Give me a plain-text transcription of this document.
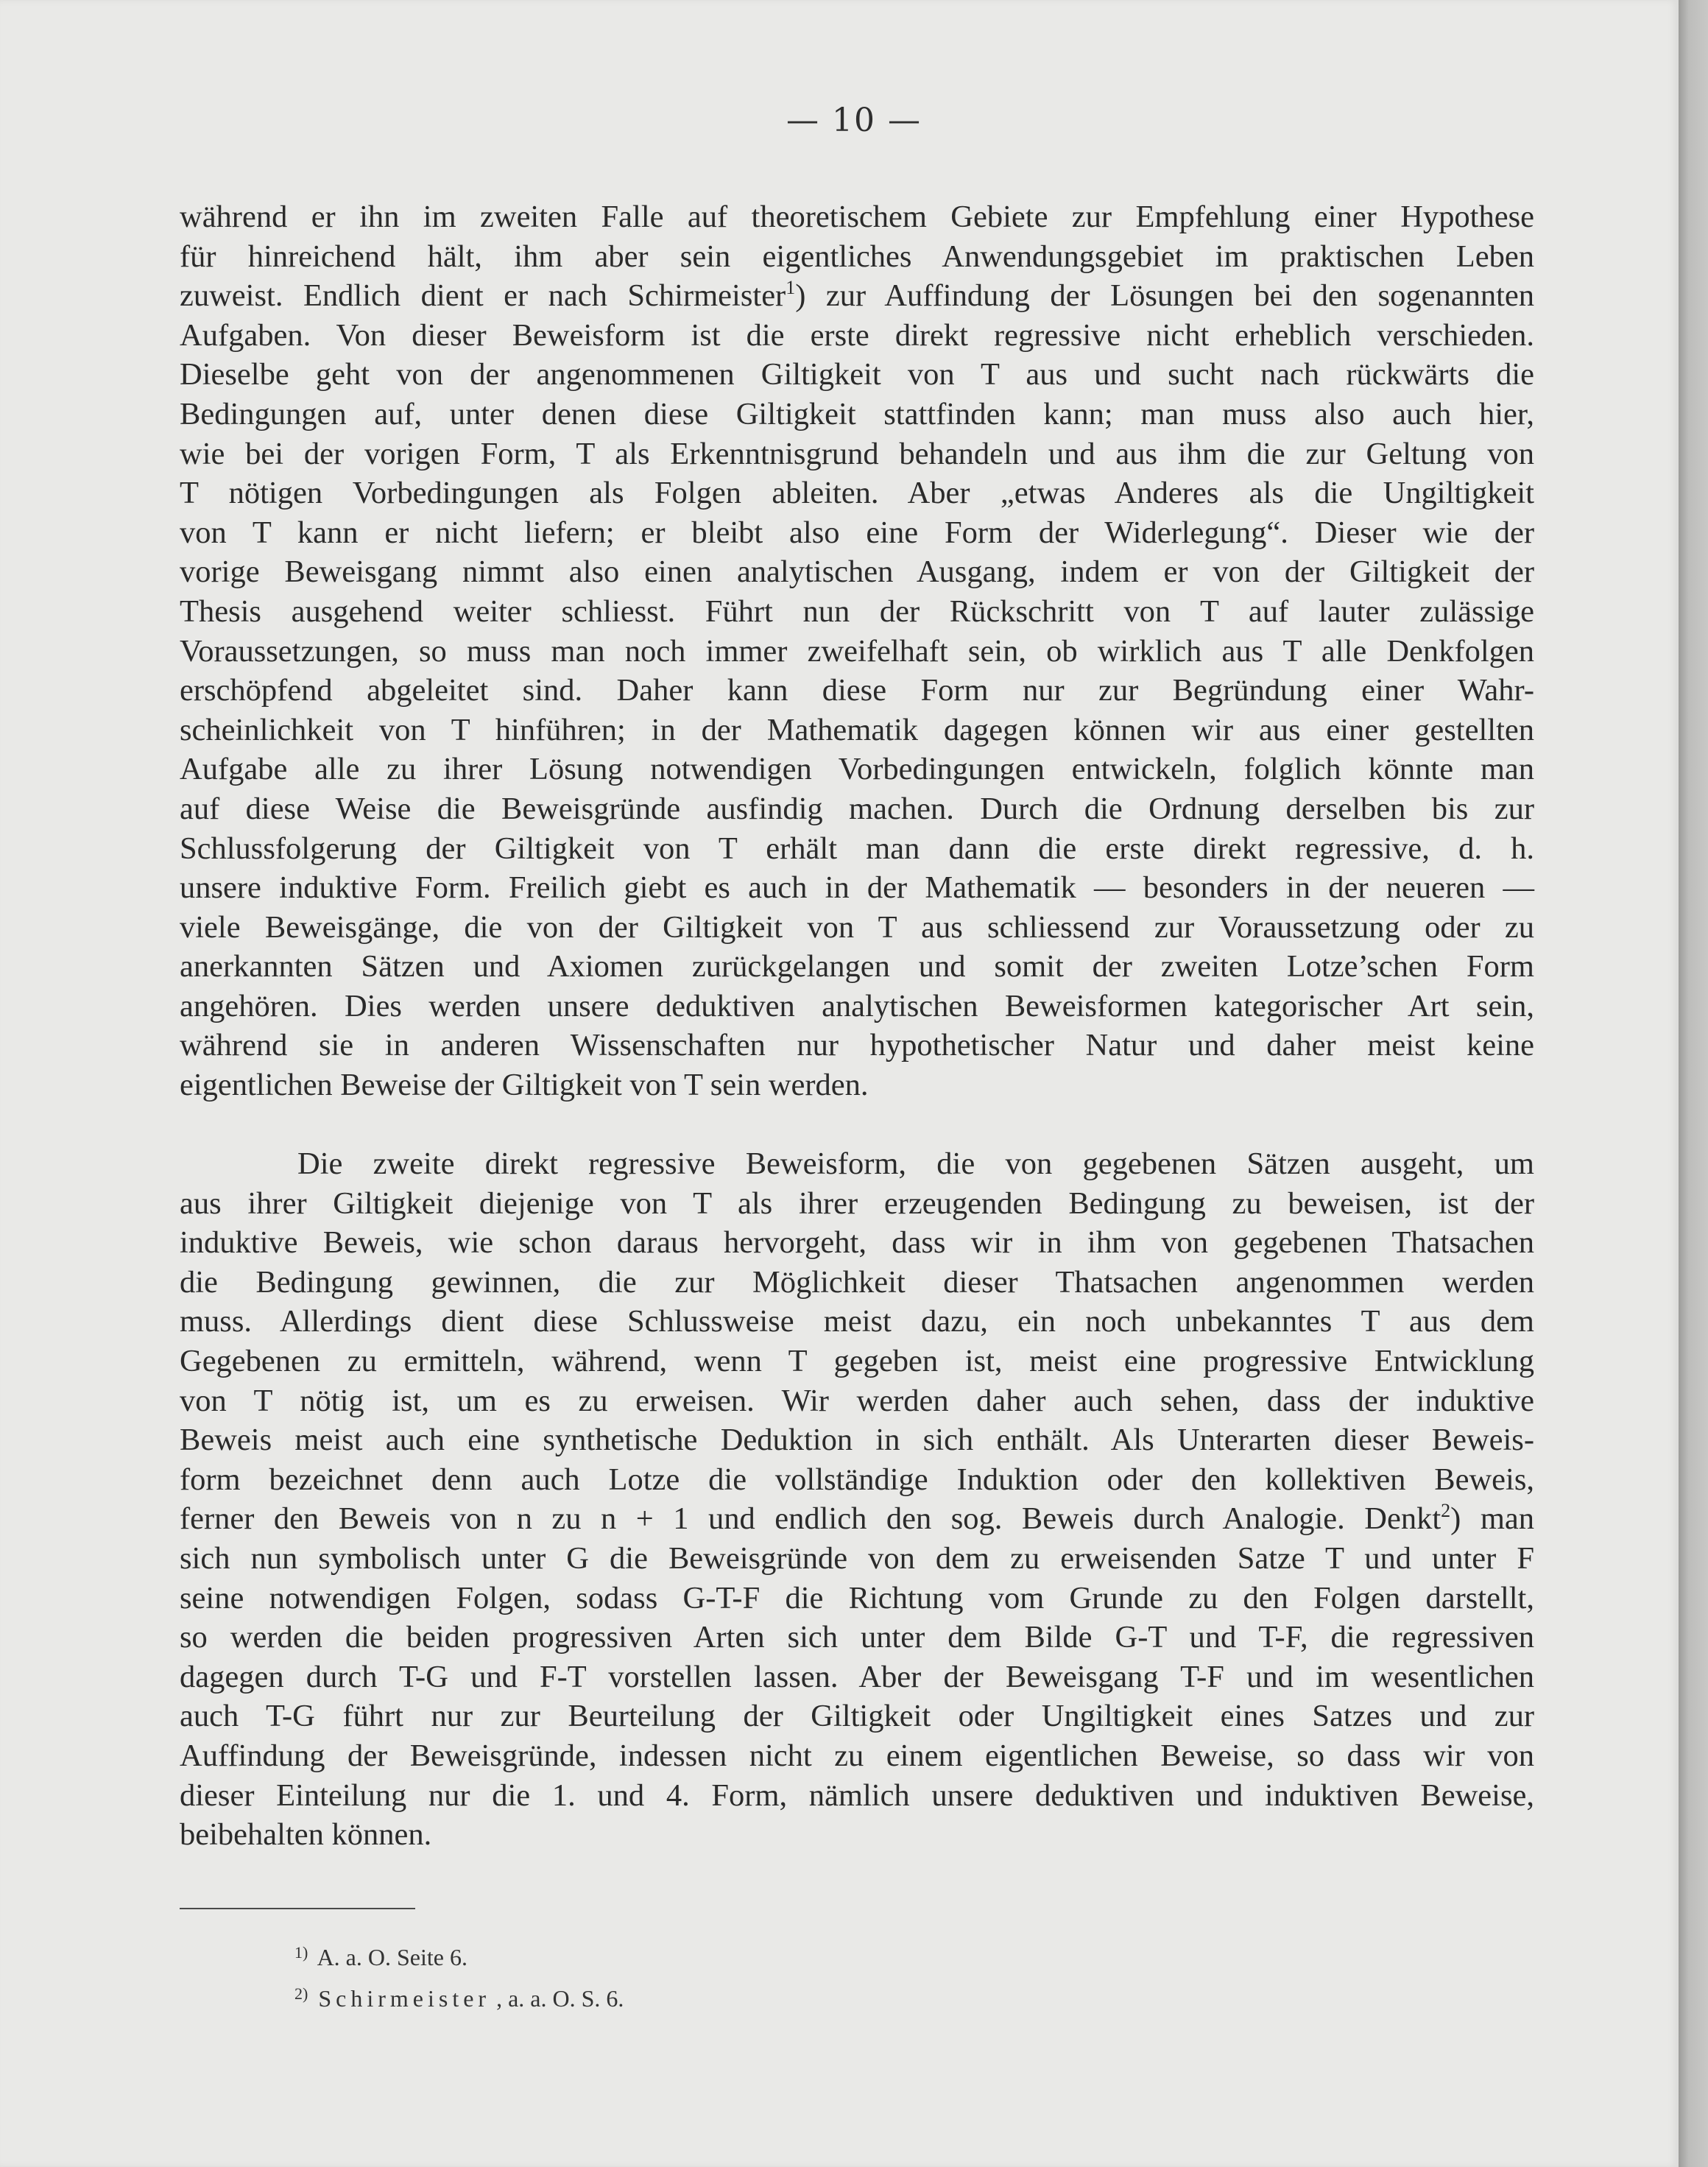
— 10 —
während er ihn im zweiten Falle auf theoretischem Gebiete zur Empfehlung einer Hypothese
für hinreichend hält, ihm aber sein eigentliches Anwendungsgebiet im praktischen Leben
zuweist. Endlich dient er nach Schirmeister$^1$) zur Auffindung der Lösungen bei den sogenannten
Aufgaben. Von dieser Beweisform ist die erste direkt regressive nicht erheblich verschieden.
Dieselbe geht von der angenommenen Giltigkeit von T aus und sucht nach rückwärts die
Bedingungen auf, unter denen diese Giltigkeit stattfinden kann; man muss also auch hier,
wie bei der vorigen Form, T als Erkenntnisgrund behandeln und aus ihm die zur Geltung von
T nötigen Vorbedingungen als Folgen ableiten. Aber „etwas Anderes als die Ungiltigkeit
von T kann er nicht liefern; er bleibt also eine Form der Widerlegung“. Dieser wie der
vorige Beweisgang nimmt also einen analytischen Ausgang, indem er von der Giltigkeit der
Thesis ausgehend weiter schliesst. Führt nun der Rückschritt von T auf lauter zulässige
Voraussetzungen, so muss man noch immer zweifelhaft sein, ob wirklich aus T alle Denkfolgen
erschöpfend abgeleitet sind. Daher kann diese Form nur zur Begründung einer Wahr-
scheinlichkeit von T hinführen; in der Mathematik dagegen können wir aus einer gestellten
Aufgabe alle zu ihrer Lösung notwendigen Vorbedingungen entwickeln, folglich könnte man
auf diese Weise die Beweisgründe ausfindig machen. Durch die Ordnung derselben bis zur
Schlussfolgerung der Giltigkeit von T erhält man dann die erste direkt regressive, d. h.
unsere induktive Form. Freilich giebt es auch in der Mathematik — besonders in der neueren —
viele Beweisgänge, die von der Giltigkeit von T aus schliessend zur Voraussetzung oder zu
anerkannten Sätzen und Axiomen zurückgelangen und somit der zweiten Lotze’schen Form
angehören. Dies werden unsere deduktiven analytischen Beweisformen kategorischer Art sein,
während sie in anderen Wissenschaften nur hypothetischer Natur und daher meist keine
eigentlichen Beweise der Giltigkeit von T sein werden.
Die zweite direkt regressive Beweisform, die von gegebenen Sätzen ausgeht, um
aus ihrer Giltigkeit diejenige von T als ihrer erzeugenden Bedingung zu beweisen, ist der
induktive Beweis, wie schon daraus hervorgeht, dass wir in ihm von gegebenen Thatsachen
die Bedingung gewinnen, die zur Möglichkeit dieser Thatsachen angenommen werden
muss. Allerdings dient diese Schlussweise meist dazu, ein noch unbekanntes T aus dem
Gegebenen zu ermitteln, während, wenn T gegeben ist, meist eine progressive Entwicklung
von T nötig ist, um es zu erweisen. Wir werden daher auch sehen, dass der induktive
Beweis meist auch eine synthetische Deduktion in sich enthält. Als Unterarten dieser Beweis-
form bezeichnet denn auch Lotze die vollständige Induktion oder den kollektiven Beweis,
ferner den Beweis von n zu n + 1 und endlich den sog. Beweis durch Analogie. Denkt$^2$) man
sich nun symbolisch unter G die Beweisgründe von dem zu erweisenden Satze T und unter F
seine notwendigen Folgen, sodass G-T-F die Richtung vom Grunde zu den Folgen darstellt,
so werden die beiden progressiven Arten sich unter dem Bilde G-T und T-F, die regressiven
dagegen durch T-G und F-T vorstellen lassen. Aber der Beweisgang T-F und im wesentlichen
auch T-G führt nur zur Beurteilung der Giltigkeit oder Ungiltigkeit eines Satzes und zur
Auffindung der Beweisgründe, indessen nicht zu einem eigentlichen Beweise, so dass wir von
dieser Einteilung nur die 1. und 4. Form, nämlich unsere deduktiven und induktiven Beweise,
beibehalten können.
$^{1)}$ A. a. O. Seite 6.
$^{2)}$ Schirmeister , a. a. O. S. 6.
